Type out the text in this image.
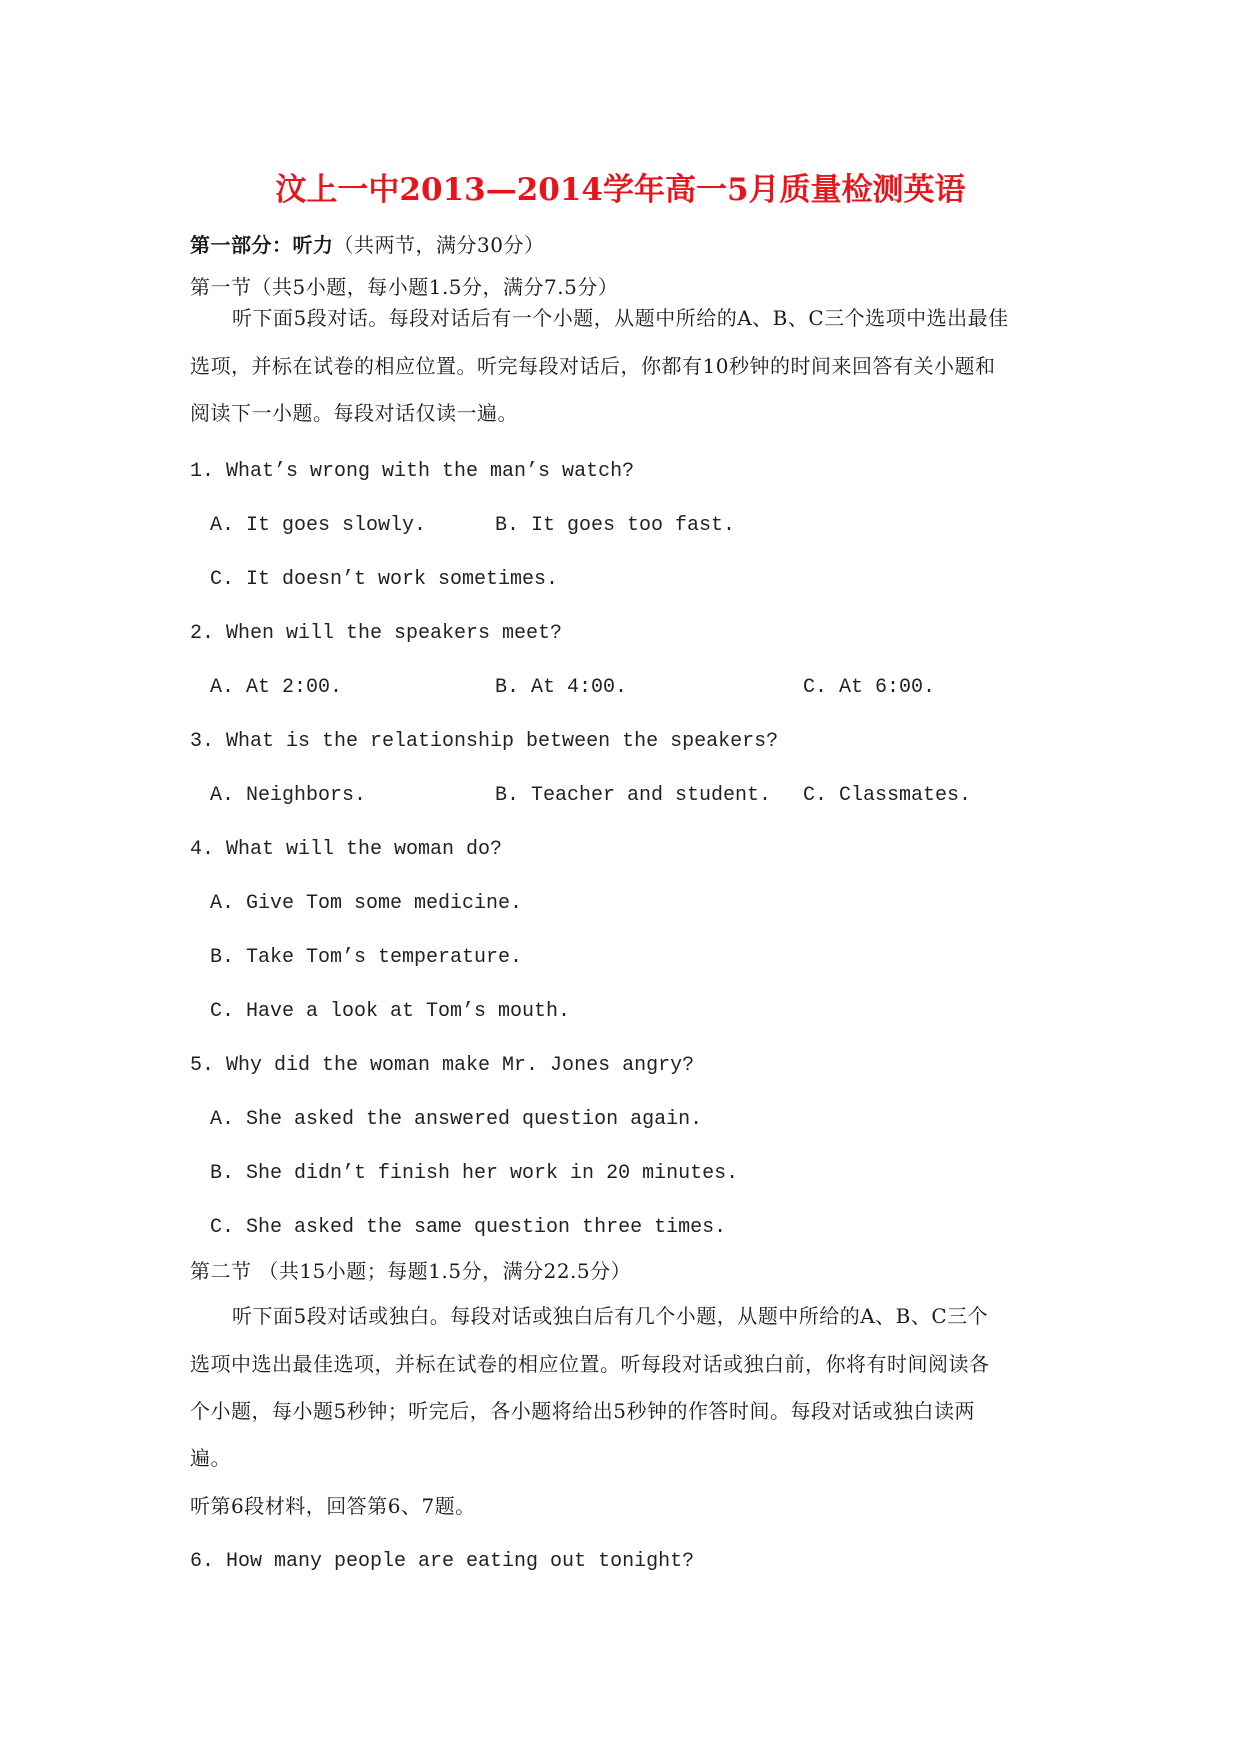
汶上一中2013—2014学年高一5月质量检测英语
第一部分：听力（共两节，满分30分）
第一节（共5小题，每小题1.5分，满分7.5分）
听下面5段对话。每段对话后有一个小题，从题中所给的A、B、C三个选项中选出最佳
选项，并标在试卷的相应位置。听完每段对话后，你都有10秒钟的时间来回答有关小题和
阅读下一小题。每段对话仅读一遍。
1. What’s wrong with the man’s watch?
A. It goes slowly.	B. It goes too fast.
C. It doesn’t work sometimes.
2. When will the speakers meet?
A. At 2:00.	B. At 4:00.	C. At 6:00.
3. What is the relationship between the speakers?
A. Neighbors.	B. Teacher and student. C. Classmates.
4. What will the woman do?
A. Give Tom some medicine.
B. Take Tom’s temperature.
C. Have a look at Tom’s mouth.
5. Why did the woman make Mr. Jones angry?
A. She asked the answered question again.
B. She didn’t finish her work in 20 minutes.
C. She asked the same question three times.
第二节 （共15小题；每题1.5分，满分22.5分）
听下面5段对话或独白。每段对话或独白后有几个小题，从题中所给的A、B、C三个
选项中选出最佳选项，并标在试卷的相应位置。听每段对话或独白前，你将有时间阅读各
个小题，每小题5秒钟；听完后，各小题将给出5秒钟的作答时间。每段对话或独白读两
遍。
听第6段材料，回答第6、7题。
6. How many people are eating out tonight?
